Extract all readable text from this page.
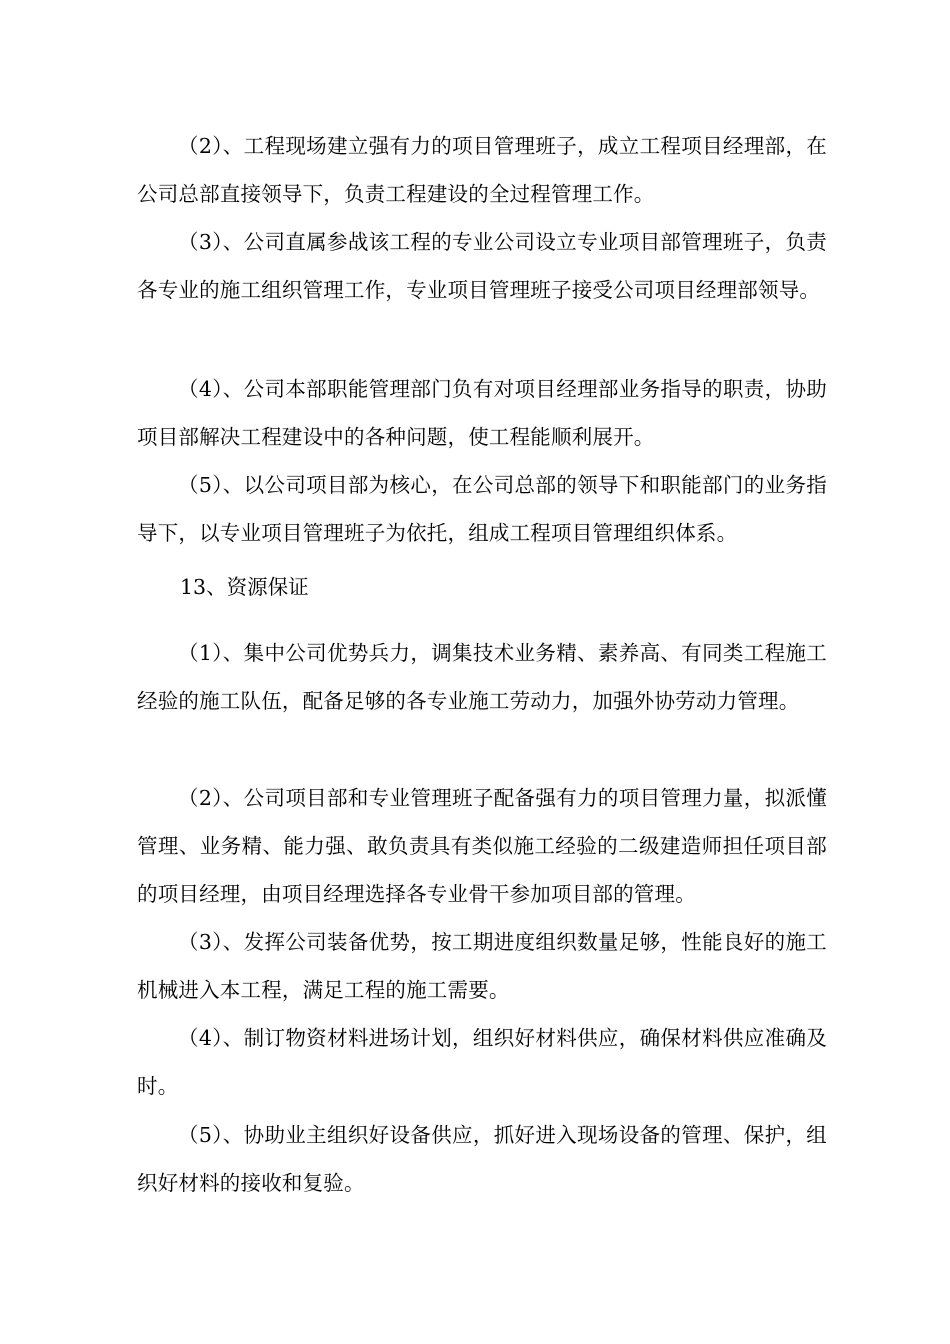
（2）、工程现场建立强有力的项目管理班子，成立工程项目经理部，在公司总部直接领导下，负责工程建设的全过程管理工作。

（3）、公司直属参战该工程的专业公司设立专业项目部管理班子，负责各专业的施工组织管理工作，专业项目管理班子接受公司项目经理部领导。

（4）、公司本部职能管理部门负有对项目经理部业务指导的职责，协助项目部解决工程建设中的各种问题，使工程能顺利展开。

（5）、以公司项目部为核心，在公司总部的领导下和职能部门的业务指导下，以专业项目管理班子为依托，组成工程项目管理组织体系。

13、资源保证

（1）、集中公司优势兵力，调集技术业务精、素养高、有同类工程施工经验的施工队伍，配备足够的各专业施工劳动力，加强外协劳动力管理。

（2）、公司项目部和专业管理班子配备强有力的项目管理力量，拟派懂管理、业务精、能力强、敢负责具有类似施工经验的二级建造师担任项目部的项目经理，由项目经理选择各专业骨干参加项目部的管理。

（3）、发挥公司装备优势，按工期进度组织数量足够，性能良好的施工机械进入本工程，满足工程的施工需要。

（4）、制订物资材料进场计划，组织好材料供应，确保材料供应准确及时。

（5）、协助业主组织好设备供应，抓好进入现场设备的管理、保护，组织好材料的接收和复验。
